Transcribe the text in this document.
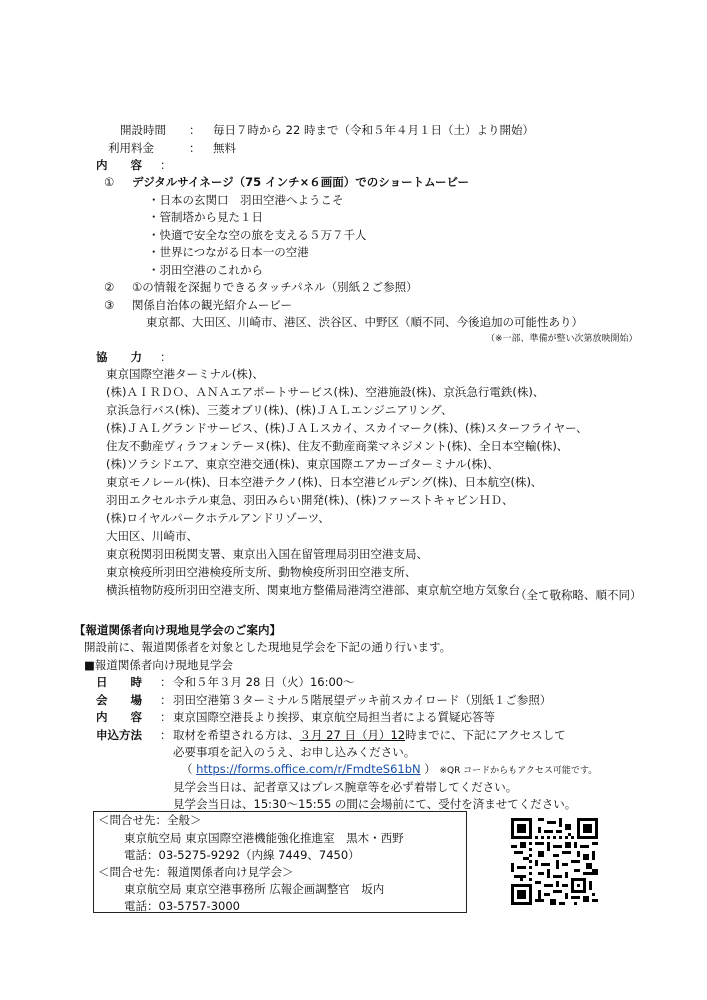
開設時間 ： 毎日７時から 22 時まで（令和５年４月１日（土）より開始）
利用料金	： 無料
内　　容 ：
① デジタルサイネージ（75 インチ×６画面）でのショートムービー
・日本の玄関口　羽田空港へようこそ
・管制塔から見た１日
・快適で安全な空の旅を支える５万７千人
・世界につながる日本一の空港
・羽田空港のこれから
② ①の情報を深掘りできるタッチパネル（別紙２ご参照）
③ 関係自治体の観光紹介ムービー
東京都、大田区、川崎市、港区、渋谷区、中野区（順不同、今後追加の可能性あり）
（※一部、準備が整い次第放映開始）
協　　力 ：
東京国際空港ターミナル(株)、
(株)ＡＩＲＤＯ、ＡＮＡエアポートサービス(株)、空港施設(株)、京浜急行電鉄(株)、
京浜急行バス(株)、三菱オブリ(株)、(株)ＪＡＬエンジニアリング、
(株)ＪＡＬグランドサービス、(株)ＪＡＬスカイ、スカイマーク(株)、(株)スターフライヤー、
住友不動産ヴィラフォンテーヌ(株)、住友不動産商業マネジメント(株)、全日本空輸(株)、
(株)ソラシドエア、東京空港交通(株)、東京国際エアカーゴターミナル(株)、
東京モノレール(株)、日本空港テクノ(株)、日本空港ビルデング(株)、日本航空(株)、
羽田エクセルホテル東急、羽田みらい開発(株)、(株)ファーストキャビンＨＤ、
(株)ロイヤルパークホテルアンドリゾーツ、
大田区、川崎市、
東京税関羽田税関支署、東京出入国在留管理局羽田空港支局、
東京検疫所羽田空港検疫所支所、動物検疫所羽田空港支所、
横浜植物防疫所羽田空港支所、関東地方整備局港湾空港部、東京航空地方気象台
（全て敬称略、順不同）
【報道関係者向け現地見学会のご案内】
開設前に、報道関係者を対象とした現地見学会を下記の通り行います。
■報道関係者向け現地見学会
日　　時 ： 令和５年３月 28 日（火）16:00～
会　　場 ： 羽田空港第３ターミナル５階展望デッキ前スカイロード（別紙１ご参照）
内　　容 ： 東京国際空港長より挨拶、東京航空局担当者による質疑応答等
申込方法 ： 取材を希望される方は、３月 27 日（月）12時までに、下記にアクセスして
必要事項を記入のうえ、お申し込みください。
（ https://forms.office.com/r/FmdteS61bN ） ※QR コードからもアクセス可能です。
見学会当日は、記者章又はプレス腕章等を必ず着帯してください。
見学会当日は、15:30～15:55 の間に会場前にて、受付を済ませてください。
＜問合せ先：全般＞
東京航空局 東京国際空港機能強化推進室　黒木・西野
電話：03-5275-9292（内線 7449、7450）
＜問合せ先：報道関係者向け見学会＞
東京航空局 東京空港事務所 広報企画調整官　坂内
電話：03-5757-3000
